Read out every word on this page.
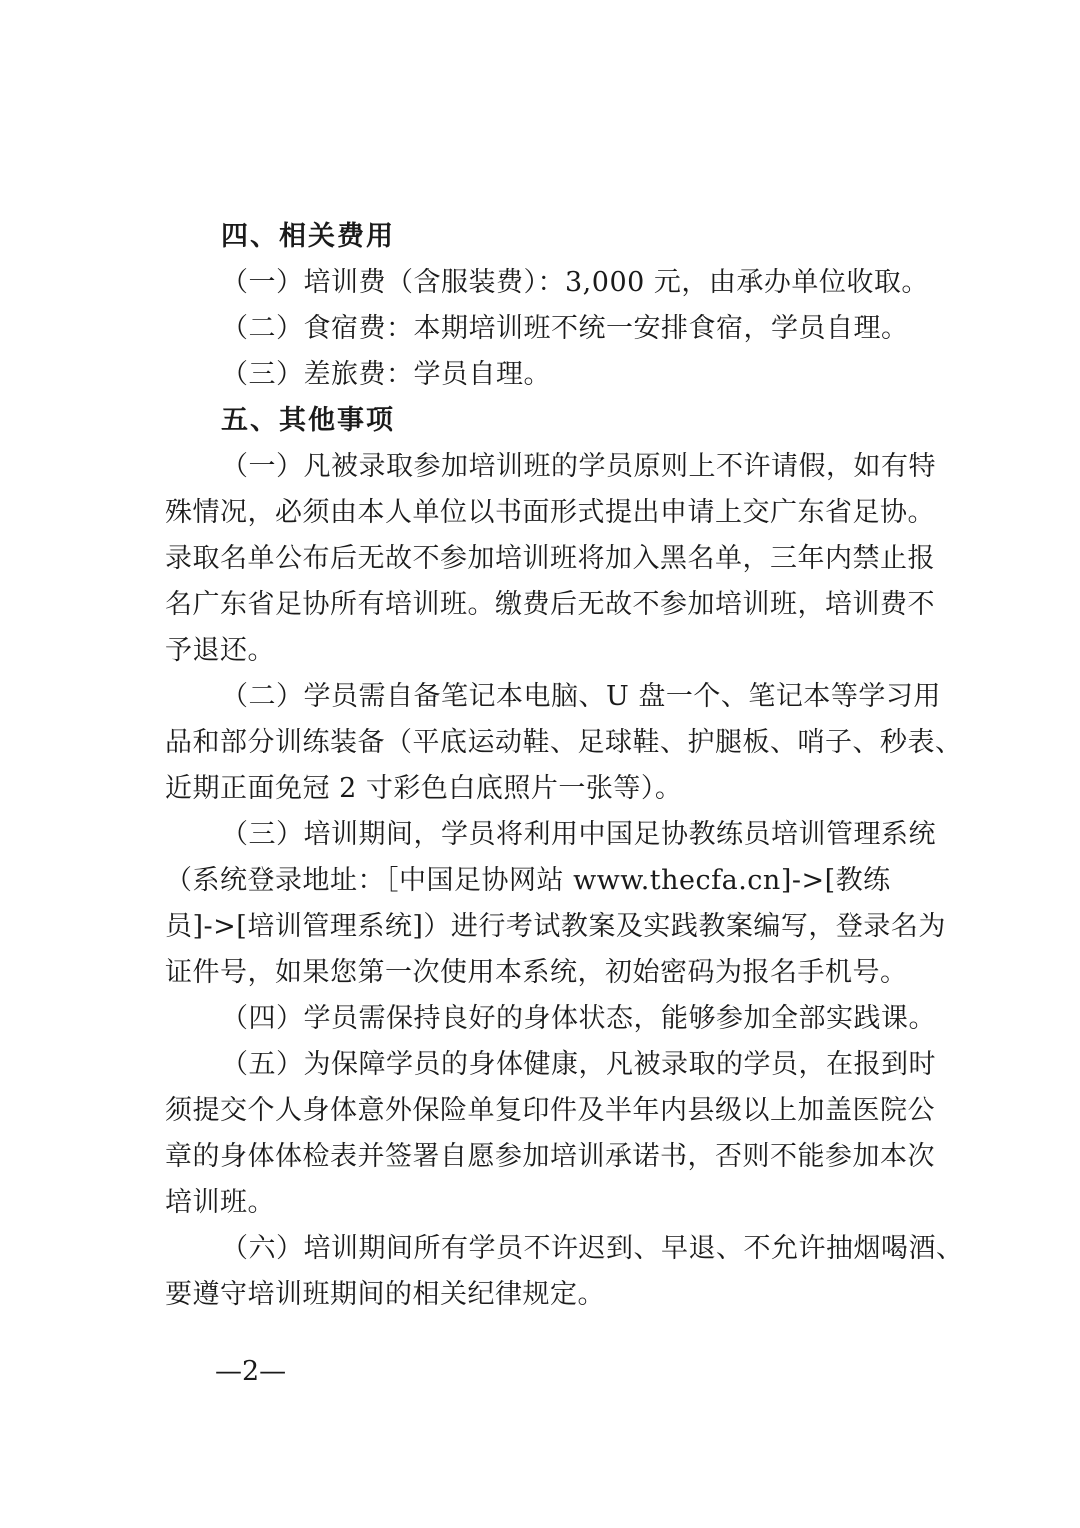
四、相关费用
（一）培训费（含服装费）：3,000 元，由承办单位收取。
（二）食宿费：本期培训班不统一安排食宿，学员自理。
（三）差旅费：学员自理。
五、其他事项
（一）凡被录取参加培训班的学员原则上不许请假，如有特
殊情况，必须由本人单位以书面形式提出申请上交广东省足协。
录取名单公布后无故不参加培训班将加入黑名单，三年内禁止报
名广东省足协所有培训班。缴费后无故不参加培训班，培训费不
予退还。
（二）学员需自备笔记本电脑、U 盘一个、笔记本等学习用
品和部分训练装备（平底运动鞋、足球鞋、护腿板、哨子、秒表、
近期正面免冠 2 寸彩色白底照片一张等）。
（三）培训期间，学员将利用中国足协教练员培训管理系统
（系统登录地址：［中国足协网站 www.thecfa.cn]->[教练
员]->[培训管理系统]）进行考试教案及实践教案编写，登录名为
证件号，如果您第一次使用本系统，初始密码为报名手机号。
（四）学员需保持良好的身体状态，能够参加全部实践课。
（五）为保障学员的身体健康，凡被录取的学员，在报到时
须提交个人身体意外保险单复印件及半年内县级以上加盖医院公
章的身体体检表并签署自愿参加培训承诺书，否则不能参加本次
培训班。
（六）培训期间所有学员不许迟到、早退、不允许抽烟喝酒、
要遵守培训班期间的相关纪律规定。
—2—
